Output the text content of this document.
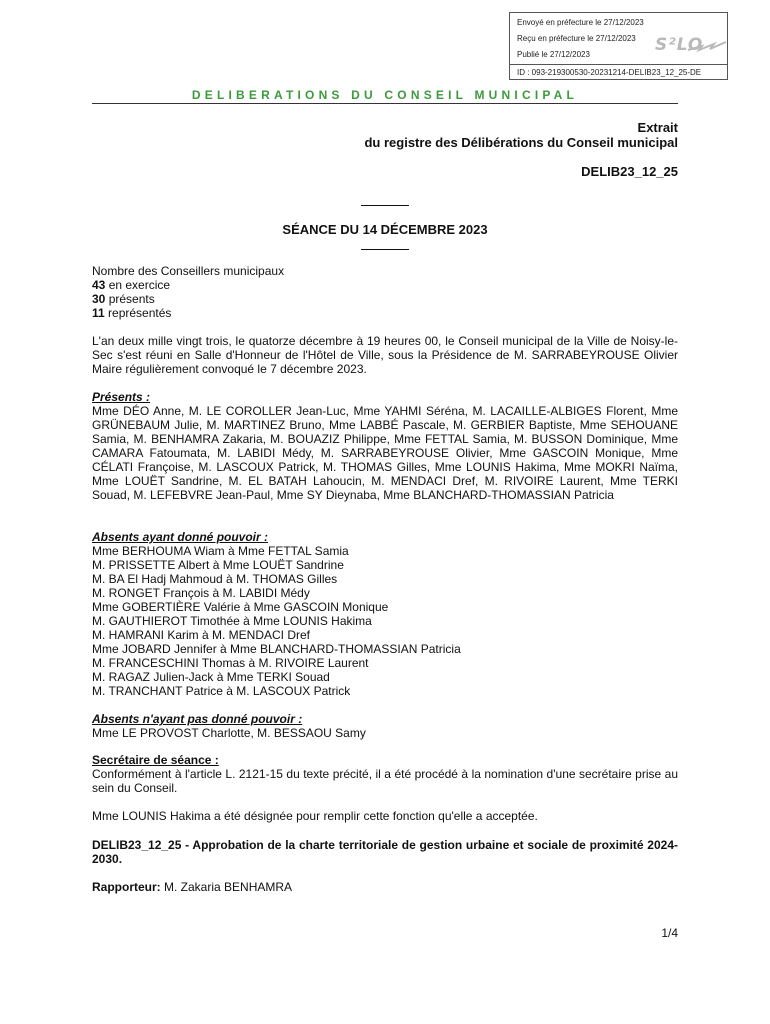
Envoyé en préfecture le 27/12/2023
Reçu en préfecture le 27/12/2023
Publié le 27/12/2023	S²LO
ID : 093-219300530-20231214-DELIB23_12_25-DE
DELIBERATIONS DU CONSEIL MUNICIPAL
Extrait
du registre des Délibérations du Conseil municipal
DELIB23_12_25
SÉANCE DU 14 DÉCEMBRE 2023
Nombre des Conseillers municipaux
43 en exercice
30 présents
11 représentés
L'an deux mille vingt trois, le quatorze décembre à 19 heures 00, le Conseil municipal de la Ville de Noisy-le-Sec s'est réuni en Salle d'Honneur de l'Hôtel de Ville, sous la Présidence de M. SARRABEYROUSE Olivier Maire régulièrement convoqué le 7 décembre 2023.
Présents :
Mme DÉO Anne, M. LE COROLLER Jean-Luc, Mme YAHMI Séréna, M. LACAILLE-ALBIGES Florent, Mme GRÜNEBAUM Julie, M. MARTINEZ Bruno, Mme LABBÉ Pascale, M. GERBIER Baptiste, Mme SEHOUANE Samia, M. BENHAMRA Zakaria, M. BOUAZIZ Philippe, Mme FETTAL Samia, M. BUSSON Dominique, Mme CAMARA Fatoumata, M. LABIDI Médy, M. SARRABEYROUSE Olivier, Mme GASCOIN Monique, Mme CÉLATI Françoise, M. LASCOUX Patrick, M. THOMAS Gilles, Mme LOUNIS Hakima, Mme MOKRI Naïma, Mme LOUËT Sandrine, M. EL BATAH Lahoucin, M. MENDACI Dref, M. RIVOIRE Laurent, Mme TERKI Souad, M. LEFEBVRE Jean-Paul, Mme SY Dieynaba, Mme BLANCHARD-THOMASSIAN Patricia
Absents ayant donné pouvoir :
Mme BERHOUMA Wiam à Mme FETTAL Samia
M. PRISSETTE Albert à Mme LOUËT Sandrine
M. BA El Hadj Mahmoud à M. THOMAS Gilles
M. RONGET François à M. LABIDI Médy
Mme GOBERTIÈRE Valérie à Mme GASCOIN Monique
M. GAUTHIEROT Timothée à Mme LOUNIS Hakima
M. HAMRANI Karim à M. MENDACI Dref
Mme JOBARD Jennifer à Mme BLANCHARD-THOMASSIAN Patricia
M. FRANCESCHINI Thomas à M. RIVOIRE Laurent
M. RAGAZ Julien-Jack à Mme TERKI Souad
M. TRANCHANT Patrice à M. LASCOUX Patrick
Absents n'ayant pas donné pouvoir :
Mme LE PROVOST Charlotte, M. BESSAOU Samy
Secrétaire de séance :
Conformément à l'article L. 2121-15 du texte précité, il a été procédé à la nomination d'une secrétaire prise au sein du Conseil.
Mme LOUNIS Hakima a été désignée pour remplir cette fonction qu'elle a acceptée.
DELIB23_12_25 - Approbation de la charte territoriale de gestion urbaine et sociale de proximité 2024-2030.
Rapporteur: M. Zakaria BENHAMRA
1/4
